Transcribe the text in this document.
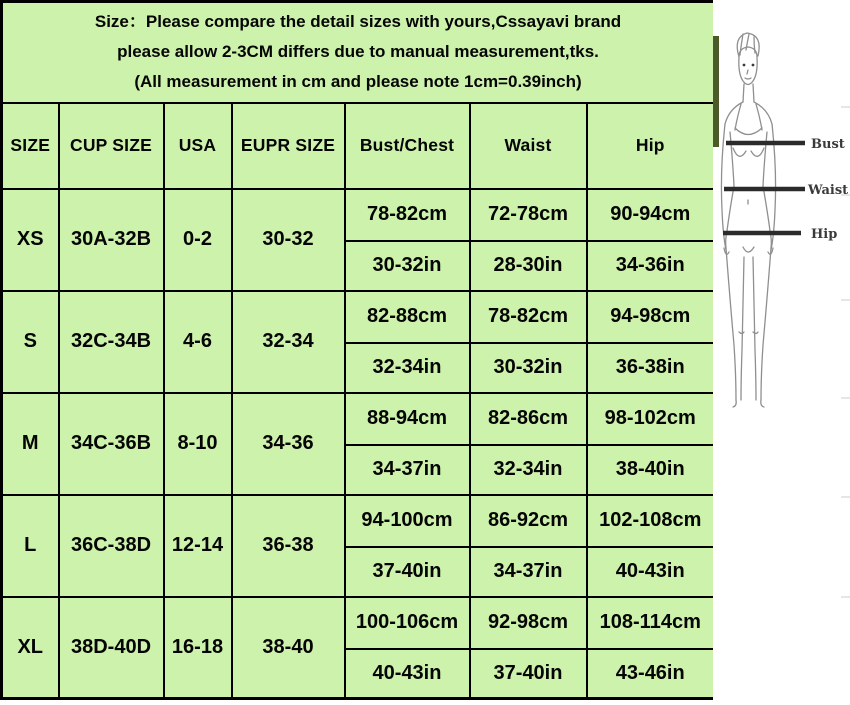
Size：Please compare the detail sizes with yours,Cssayavi brand
please allow 2-3CM differs due to manual measurement,tks.
(All measurement in cm and please note 1cm=0.39inch)						

SIZE	CUP SIZE	USA	EUPR SIZE	Bust/Chest	Waist	Hip
XS	30A-32B	0-2	30-32	78-82cm	72-78cm	90-94cm
				30-32in	28-30in	34-36in
S	32C-34B	4-6	32-34	82-88cm	78-82cm	94-98cm
				32-34in	30-32in	36-38in
M	34C-36B	8-10	34-36	88-94cm	82-86cm	98-102cm
				34-37in	32-34in	38-40in
L	36C-38D	12-14	36-38	94-100cm	86-92cm	102-108cm
				37-40in	34-37in	40-43in
XL	38D-40D	16-18	38-40	100-106cm	92-98cm	108-114cm
				40-43in	37-40in	43-46in
Bust
Waist
Hip
